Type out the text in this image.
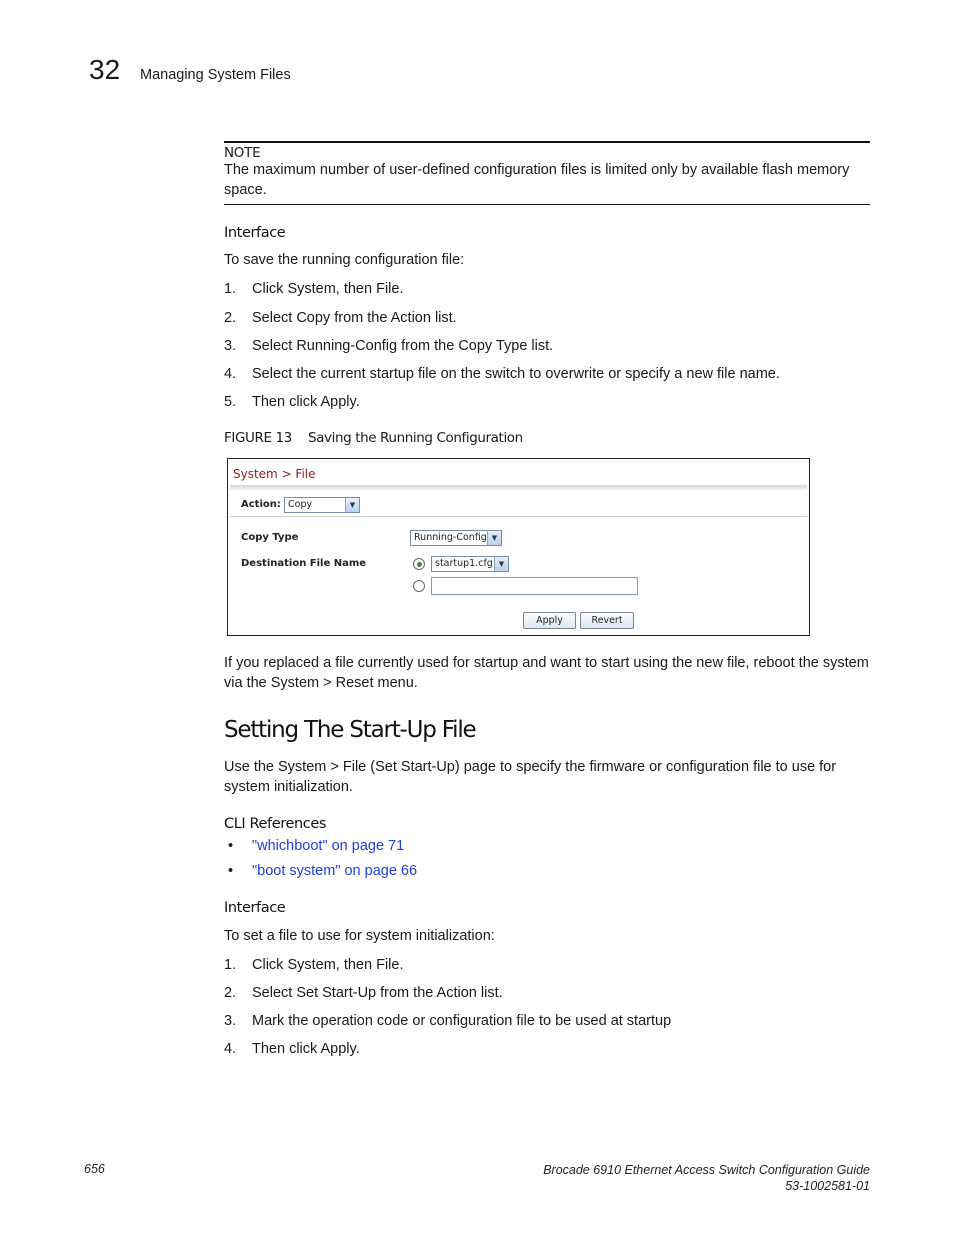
32 Managing System Files
NOTE
The maximum number of user-defined configuration files is limited only by available flash memory space.
Interface
To save the running configuration file:
1. Click System, then File.
2. Select Copy from the Action list.
3. Select Running-Config from the Copy Type list.
4. Select the current startup file on the switch to overwrite or specify a new file name.
5. Then click Apply.
FIGURE 13 Saving the Running Configuration
System > File
Action: Copy	▼
Copy Type	Running-Config ▼
Destination File Name	startup1.cfg ▼
Apply	Revert
If you replaced a file currently used for startup and want to start using the new file, reboot the system via the System > Reset menu.
Setting The Start-Up File
Use the System > File (Set Start-Up) page to specify the firmware or configuration file to use for system initialization.
CLI References
• "whichboot" on page 71
• "boot system" on page 66
Interface
To set a file to use for system initialization:
1. Click System, then File.
2. Select Set Start-Up from the Action list.
3. Mark the operation code or configuration file to be used at startup
4. Then click Apply.
656	Brocade 6910 Ethernet Access Switch Configuration Guide
53-1002581-01
